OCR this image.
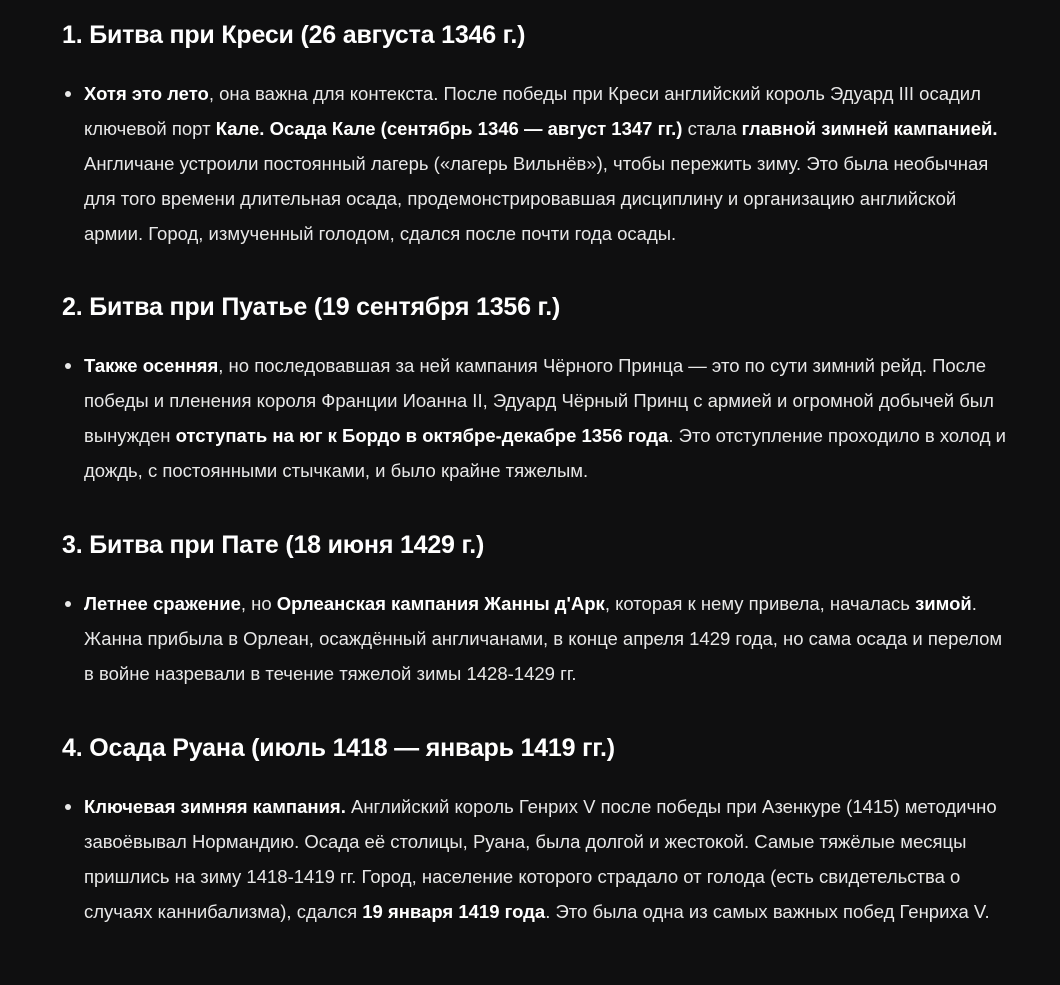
1. Битва при Креси (26 августа 1346 г.)
Хотя это лето, она важна для контекста. После победы при Креси английский король Эдуард III осадил ключевой порт Кале. Осада Кале (сентябрь 1346 — август 1347 гг.) стала главной зимней кампанией. Англичане устроили постоянный лагерь («лагерь Вильнёв»), чтобы пережить зиму. Это была необычная для того времени длительная осада, продемонстрировавшая дисциплину и организацию английской армии. Город, измученный голодом, сдался после почти года осады.
2. Битва при Пуатье (19 сентября 1356 г.)
Также осенняя, но последовавшая за ней кампания Чёрного Принца — это по сути зимний рейд. После победы и пленения короля Франции Иоанна II, Эдуард Чёрный Принц с армией и огромной добычей был вынужден отступать на юг к Бордо в октябре-декабре 1356 года. Это отступление проходило в холод и дождь, с постоянными стычками, и было крайне тяжелым.
3. Битва при Пате (18 июня 1429 г.)
Летнее сражение, но Орлеанская кампания Жанны д'Арк, которая к нему привела, началась зимой. Жанна прибыла в Орлеан, осаждённый англичанами, в конце апреля 1429 года, но сама осада и перелом в войне назревали в течение тяжелой зимы 1428-1429 гг.
4. Осада Руана (июль 1418 — январь 1419 гг.)
Ключевая зимняя кампания. Английский король Генрих V после победы при Азенкуре (1415) методично завоёвывал Нормандию. Осада её столицы, Руана, была долгой и жестокой. Самые тяжёлые месяцы пришлись на зиму 1418-1419 гг. Город, население которого страдало от голода (есть свидетельства о случаях каннибализма), сдался 19 января 1419 года. Это была одна из самых важных побед Генриха V.
